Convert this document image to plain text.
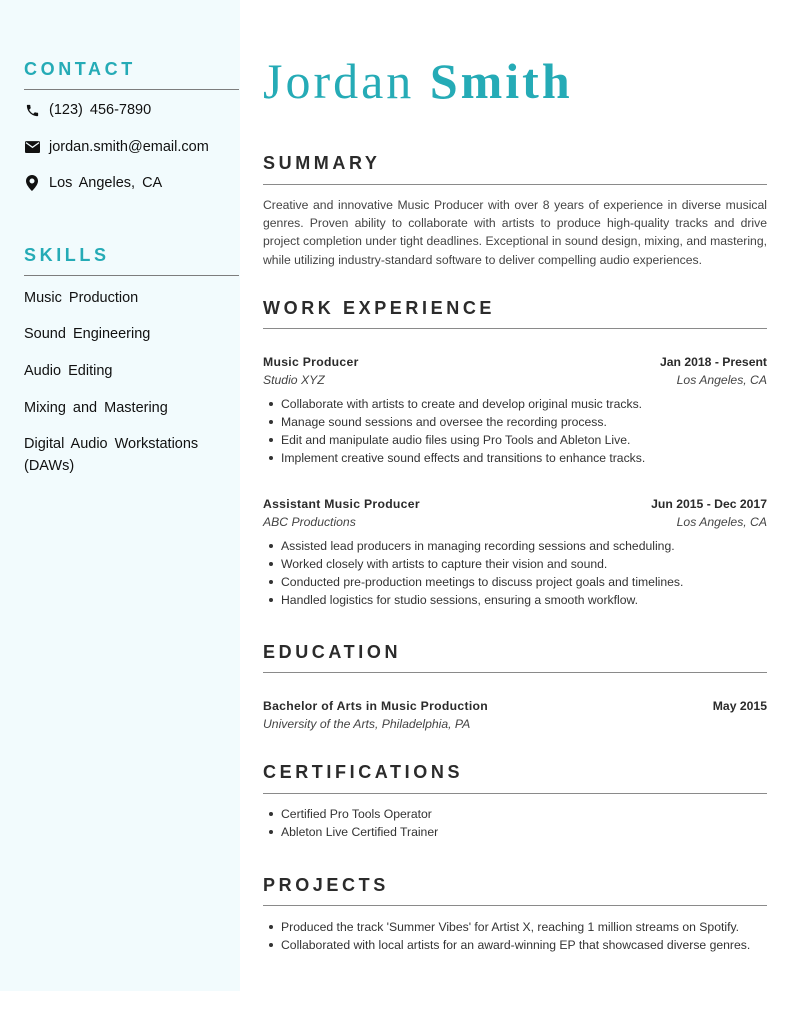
CONTACT
(123) 456-7890
jordan.smith@email.com
Los Angeles, CA
SKILLS
Music Production
Sound Engineering
Audio Editing
Mixing and Mastering
Digital Audio Workstations (DAWs)
Jordan Smith
SUMMARY

Creative and innovative Music Producer with over 8 years of experience in diverse musical genres. Proven ability to collaborate with artists to produce high-quality tracks and drive project completion under tight deadlines. Exceptional in sound design, mixing, and mastering, while utilizing industry-standard software to deliver compelling audio experiences.

WORK EXPERIENCE
Music Producer	Jan 2018 - Present
Studio XYZ	Los Angeles, CA
Collaborate with artists to create and develop original music tracks.
Manage sound sessions and oversee the recording process.
Edit and manipulate audio files using Pro Tools and Ableton Live.
Implement creative sound effects and transitions to enhance tracks.
Assistant Music Producer	Jun 2015 - Dec 2017
ABC Productions	Los Angeles, CA
Assisted lead producers in managing recording sessions and scheduling.
Worked closely with artists to capture their vision and sound.
Conducted pre-production meetings to discuss project goals and timelines.
Handled logistics for studio sessions, ensuring a smooth workflow.
EDUCATION
Bachelor of Arts in Music Production	May 2015
University of the Arts, Philadelphia, PA
CERTIFICATIONS
Certified Pro Tools Operator
Ableton Live Certified Trainer
PROJECTS
Produced the track 'Summer Vibes' for Artist X, reaching 1 million streams on Spotify.
Collaborated with local artists for an award-winning EP that showcased diverse genres.
